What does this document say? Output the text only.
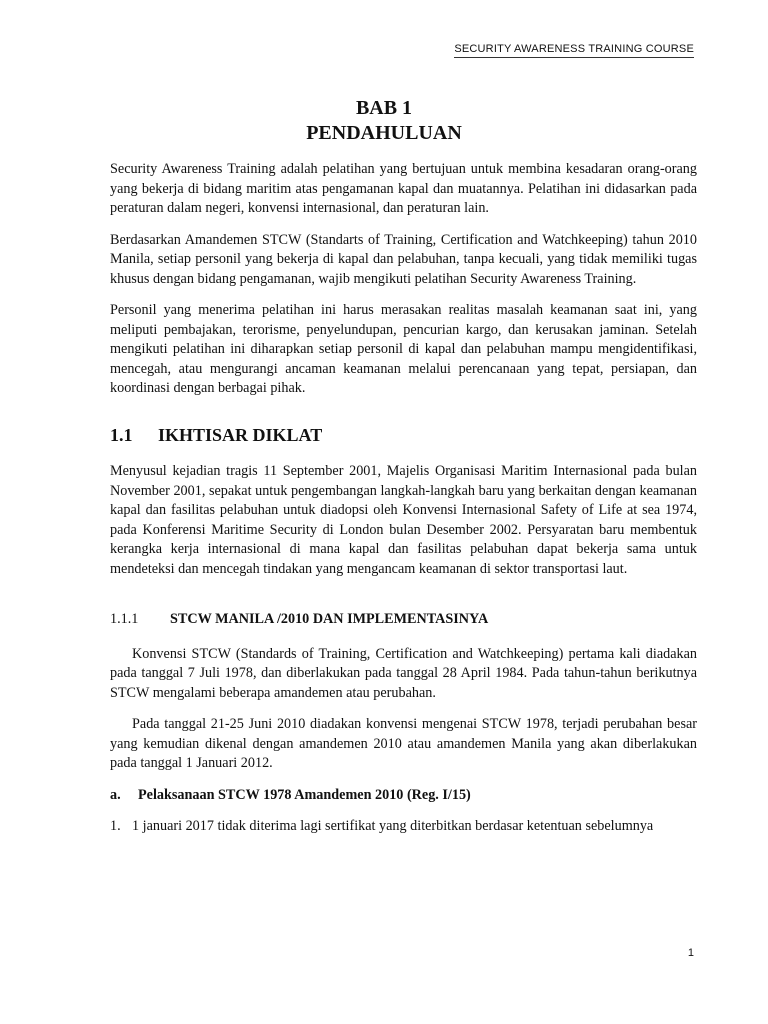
SECURITY AWARENESS TRAINING COURSE
BAB 1
PENDAHULUAN

Security Awareness Training adalah pelatihan yang bertujuan untuk membina kesadaran orang-orang yang bekerja di bidang maritim atas pengamanan kapal dan muatannya. Pelatihan ini didasarkan pada peraturan dalam negeri, konvensi internasional, dan peraturan lain.

Berdasarkan Amandemen STCW (Standarts of Training, Certification and Watchkeeping) tahun 2010 Manila, setiap personil yang bekerja di kapal dan pelabuhan, tanpa kecuali, yang tidak memiliki tugas khusus dengan bidang pengamanan, wajib mengikuti pelatihan Security Awareness Training.

Personil yang menerima pelatihan ini harus merasakan realitas masalah keamanan saat ini, yang meliputi pembajakan, terorisme, penyelundupan, pencurian kargo, dan kerusakan jaminan. Setelah mengikuti pelatihan ini diharapkan setiap personil di kapal dan pelabuhan mampu mengidentifikasi, mencegah, atau mengurangi ancaman keamanan melalui perencanaan yang tepat, persiapan, dan koordinasi dengan berbagai pihak.

1.1	IKHTISAR DIKLAT

Menyusul kejadian tragis 11 September 2001, Majelis Organisasi Maritim Internasional pada bulan November 2001, sepakat untuk pengembangan langkah-langkah baru yang berkaitan dengan keamanan kapal dan fasilitas pelabuhan untuk diadopsi oleh Konvensi Internasional Safety of Life at sea 1974, pada Konferensi Maritime Security di London bulan Desember 2002. Persyaratan baru membentuk kerangka kerja internasional di mana kapal dan fasilitas pelabuhan dapat bekerja sama untuk mendeteksi dan mencegah tindakan yang mengancam keamanan di sektor transportasi laut.

1.1.1	STCW MANILA /2010 DAN IMPLEMENTASINYA

Konvensi STCW (Standards of Training, Certification and Watchkeeping) pertama kali diadakan pada tanggal 7 Juli 1978, dan diberlakukan pada tanggal 28 April 1984. Pada tahun-tahun berikutnya STCW mengalami beberapa amandemen atau perubahan.

Pada tanggal 21-25 Juni 2010 diadakan konvensi mengenai STCW 1978, terjadi perubahan besar yang kemudian dikenal dengan amandemen 2010 atau amandemen Manila yang akan diberlakukan pada tanggal 1 Januari 2012.

a.	Pelaksanaan STCW 1978 Amandemen 2010 (Reg. I/15)
1. 1 januari 2017 tidak diterima lagi sertifikat yang diterbitkan berdasar ketentuan sebelumnya
1
